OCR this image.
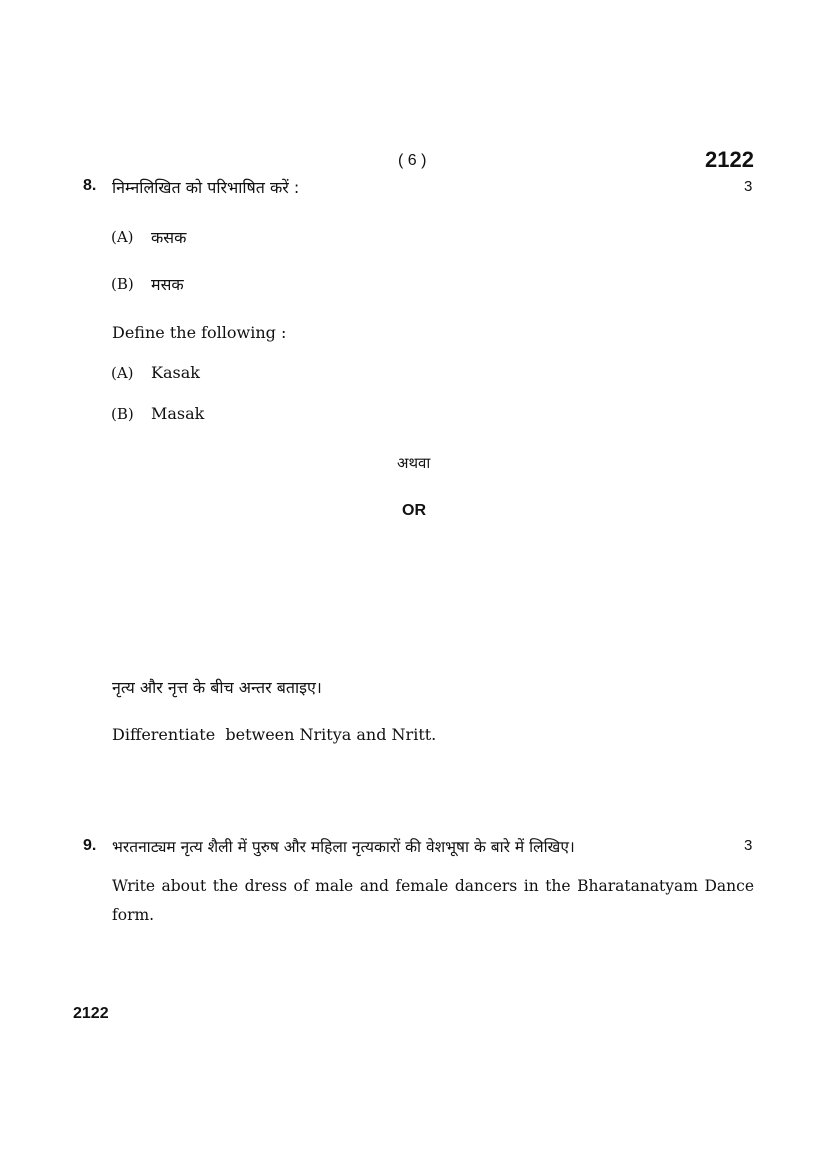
( 6 )	2122
8. निम्नलिखित को परिभाषित करें :	3
(A) कसक
(B) मसक
Define the following :
(A) Kasak
(B) Masak
अथवा
OR
नृत्य और नृत्त के बीच अन्तर बताइए।
Differentiate  between Nritya and Nritt.
9. भरतनाट्यम नृत्य शैली में पुरुष और महिला नृत्यकारों की वेशभूषा के बारे में लिखिए।	3
Write about the dress of male and female dancers in the Bharatanatyam Dance
form.
2122
